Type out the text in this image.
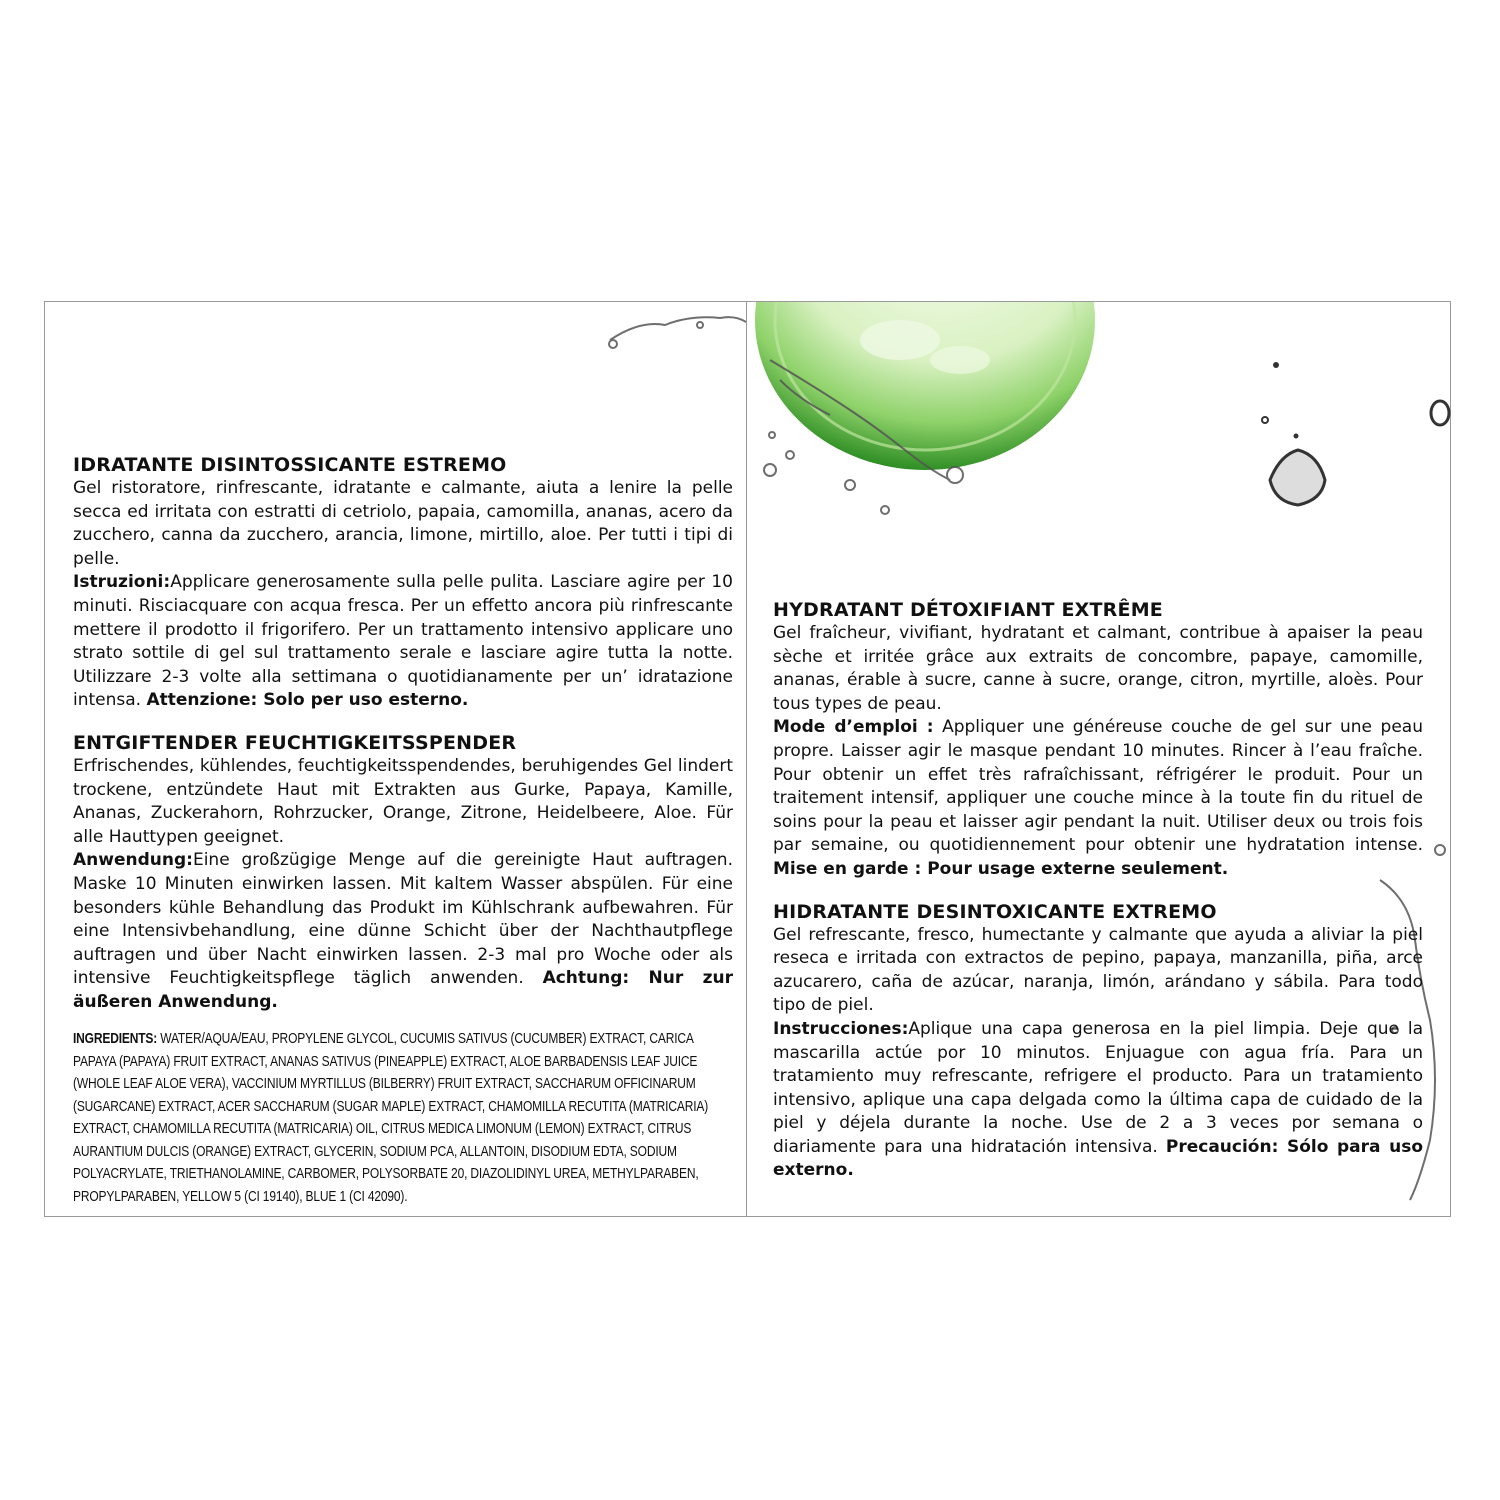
IDRATANTE DISINTOSSICANTE ESTREMO

Gel ristoratore, rinfrescante, idratante e calmante, aiuta a lenire la pelle secca ed irritata con estratti di cetriolo, papaia, camomilla, ananas, acero da zucchero, canna da zucchero, arancia, limone, mirtillo, aloe. Per tutti i tipi di pelle.
Istruzioni:Applicare generosamente sulla pelle pulita. Lasciare agire per 10 minuti. Risciacquare con acqua fresca. Per un effetto ancora più rinfrescante mettere il prodotto il frigorifero. Per un trattamento intensivo applicare uno strato sottile di gel sul trattamento serale e lasciare agire tutta la notte. Utilizzare 2-3 volte alla settimana o quotidianamente per un’ idratazione intensa. Attenzione: Solo per uso esterno.

ENTGIFTENDER FEUCHTIGKEITSSPENDER

Erfrischendes, kühlendes, feuchtigkeitsspendendes, beruhigendes Gel lindert trockene, entzündete Haut mit Extrakten aus Gurke, Papaya, Kamille, Ananas, Zuckerahorn, Rohrzucker, Orange, Zitrone, Heidelbeere, Aloe. Für alle Hauttypen geeignet.
Anwendung:Eine großzügige Menge auf die gereinigte Haut auftragen. Maske 10 Minuten einwirken lassen. Mit kaltem Wasser abspülen. Für eine besonders kühle Behandlung das Produkt im Kühlschrank aufbewahren. Für eine Intensivbehandlung, eine dünne Schicht über der Nachthautpflege auftragen und über Nacht einwirken lassen. 2-3 mal pro Woche oder als intensive Feuchtigkeitspflege täglich anwenden. Achtung: Nur zur äußeren Anwendung.

INGREDIENTS: WATER/AQUA/EAU, PROPYLENE GLYCOL, CUCUMIS SATIVUS (CUCUMBER) EXTRACT, CARICA PAPAYA (PAPAYA) FRUIT EXTRACT, ANANAS SATIVUS (PINEAPPLE) EXTRACT, ALOE BARBADENSIS LEAF JUICE (WHOLE LEAF ALOE VERA), VACCINIUM MYRTILLUS (BILBERRY) FRUIT EXTRACT, SACCHARUM OFFICINARUM (SUGARCANE) EXTRACT, ACER SACCHARUM (SUGAR MAPLE) EXTRACT, CHAMOMILLA RECUTITA (MATRICARIA) EXTRACT, CHAMOMILLA RECUTITA (MATRICARIA) OIL, CITRUS MEDICA LIMONUM (LEMON) EXTRACT, CITRUS AURANTIUM DULCIS (ORANGE) EXTRACT, GLYCERIN, SODIUM PCA, ALLANTOIN, DISODIUM EDTA, SODIUM POLYACRYLATE, TRIETHANOLAMINE, CARBOMER, POLYSORBATE 20, DIAZOLIDINYL UREA, METHYLPARABEN, PROPYLPARABEN, YELLOW 5 (CI 19140), BLUE 1 (CI 42090).

HYDRATANT DÉTOXIFIANT EXTRÊME

Gel fraîcheur, vivifiant, hydratant et calmant, contribue à apaiser la peau sèche et irritée grâce aux extraits de concombre, papaye, camomille, ananas, érable à sucre, canne à sucre, orange, citron, myrtille, aloès. Pour tous types de peau.
Mode d’emploi : Appliquer une généreuse couche de gel sur une peau propre. Laisser agir le masque pendant 10 minutes. Rincer à l’eau fraîche. Pour obtenir un effet très rafraîchissant, réfrigérer le produit. Pour un traitement intensif, appliquer une couche mince à la toute fin du rituel de soins pour la peau et laisser agir pendant la nuit. Utiliser deux ou trois fois par semaine, ou quotidiennement pour obtenir une hydratation intense. Mise en garde : Pour usage externe seulement.

HIDRATANTE DESINTOXICANTE EXTREMO

Gel refrescante, fresco, humectante y calmante que ayuda a aliviar la piel reseca e irritada con extractos de pepino, papaya, manzanilla, piña, arce azucarero, caña de azúcar, naranja, limón, arándano y sábila. Para todo tipo de piel.
Instrucciones:Aplique una capa generosa en la piel limpia. Deje que la mascarilla actúe por 10 minutos. Enjuague con agua fría. Para un tratamiento muy refrescante, refrigere el producto. Para un tratamiento intensivo, aplique una capa delgada como la última capa de cuidado de la piel y déjela durante la noche. Use de 2 a 3 veces por semana o diariamente para una hidratación intensiva. Precaución: Sólo para uso externo.
